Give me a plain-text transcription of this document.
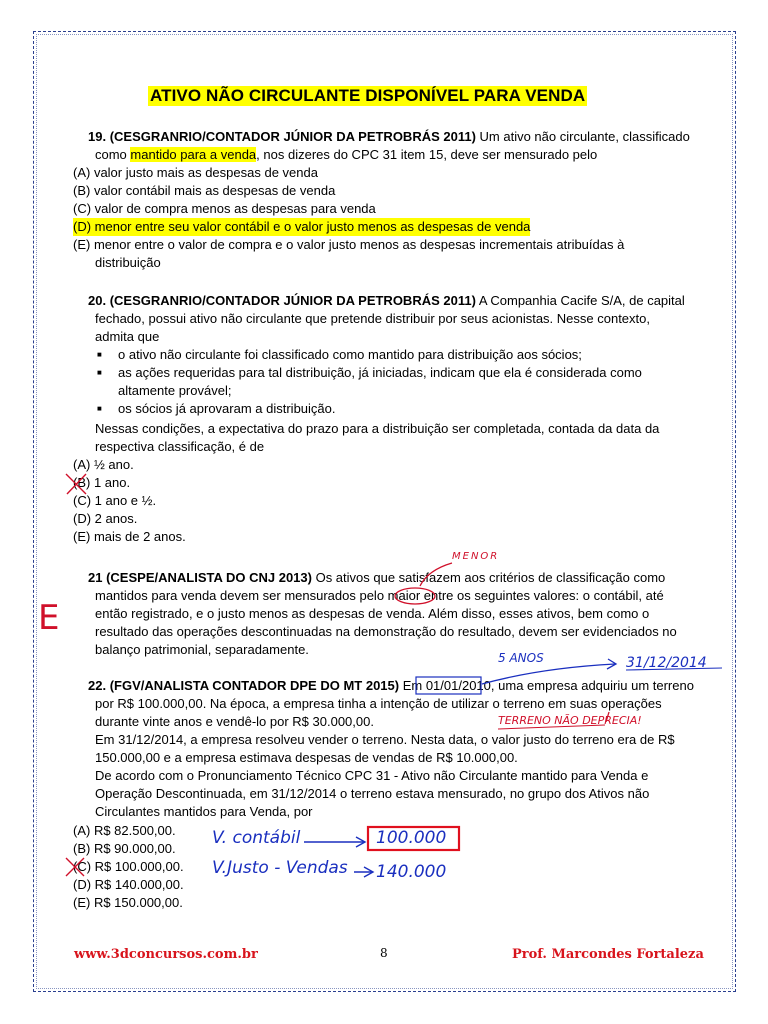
ATIVO NÃO CIRCULANTE DISPONÍVEL PARA VENDA
19. (CESGRANRIO/CONTADOR JÚNIOR DA PETROBRÁS 2011) Um ativo não circulante, classificado
como mantido para a venda, nos dizeres do CPC 31 item 15, deve ser mensurado pelo
(A) valor justo mais as despesas de venda
(B) valor contábil mais as despesas de venda
(C) valor de compra menos as despesas para venda
(D) menor entre seu valor contábil e o valor justo menos as despesas de venda
(E) menor entre o valor de compra e o valor justo menos as despesas incrementais atribuídas à
distribuição
20. (CESGRANRIO/CONTADOR JÚNIOR DA PETROBRÁS 2011) A Companhia Cacife S/A, de capital
fechado, possui ativo não circulante que pretende distribuir por seus acionistas. Nesse contexto,
admita que
■ o ativo não circulante foi classificado como mantido para distribuição aos sócios;
■ as ações requeridas para tal distribuição, já iniciadas, indicam que ela é considerada como
altamente provável;
■ os sócios já aprovaram a distribuição.
Nessas condições, a expectativa do prazo para a distribuição ser completada, contada da data da
respectiva classificação, é de
(A) ½ ano.
(B) 1 ano.
(C) 1 ano e ½.
(D) 2 anos.
(E) mais de 2 anos.
21 (CESPE/ANALISTA DO CNJ 2013) Os ativos que satisfazem aos critérios de classificação como
mantidos para venda devem ser mensurados pelo maior entre os seguintes valores: o contábil, até
então registrado, e o justo menos as despesas de venda. Além disso, esses ativos, bem como o
resultado das operações descontinuadas na demonstração do resultado, devem ser evidenciados no
balanço patrimonial, separadamente.
22. (FGV/ANALISTA CONTADOR DPE DO MT 2015) Em 01/01/2010, uma empresa adquiriu um terreno
por R$ 100.000,00. Na época, a empresa tinha a intenção de utilizar o terreno em suas operações
durante vinte anos e vendê-lo por R$ 30.000,00.
Em 31/12/2014, a empresa resolveu vender o terreno. Nesta data, o valor justo do terreno era de R$
150.000,00 e a empresa estimava despesas de vendas de R$ 10.000,00.
De acordo com o Pronunciamento Técnico CPC 31 - Ativo não Circulante mantido para Venda e
Operação Descontinuada, em 31/12/2014 o terreno estava mensurado, no grupo dos Ativos não
Circulantes mantidos para Venda, por
(A) R$ 82.500,00.
(B) R$ 90.000,00.
(C) R$ 100.000,00.
(D) R$ 140.000,00.
(E) R$ 150.000,00.
MENOR
E
5 ANOS	31/12/2014
TERRENO NÃO DEPRECIA!
V. contábil	100.000
V.Justo - Vendas 140.000
www.3dconcursos.com.br	8	Prof. Marcondes Fortaleza
